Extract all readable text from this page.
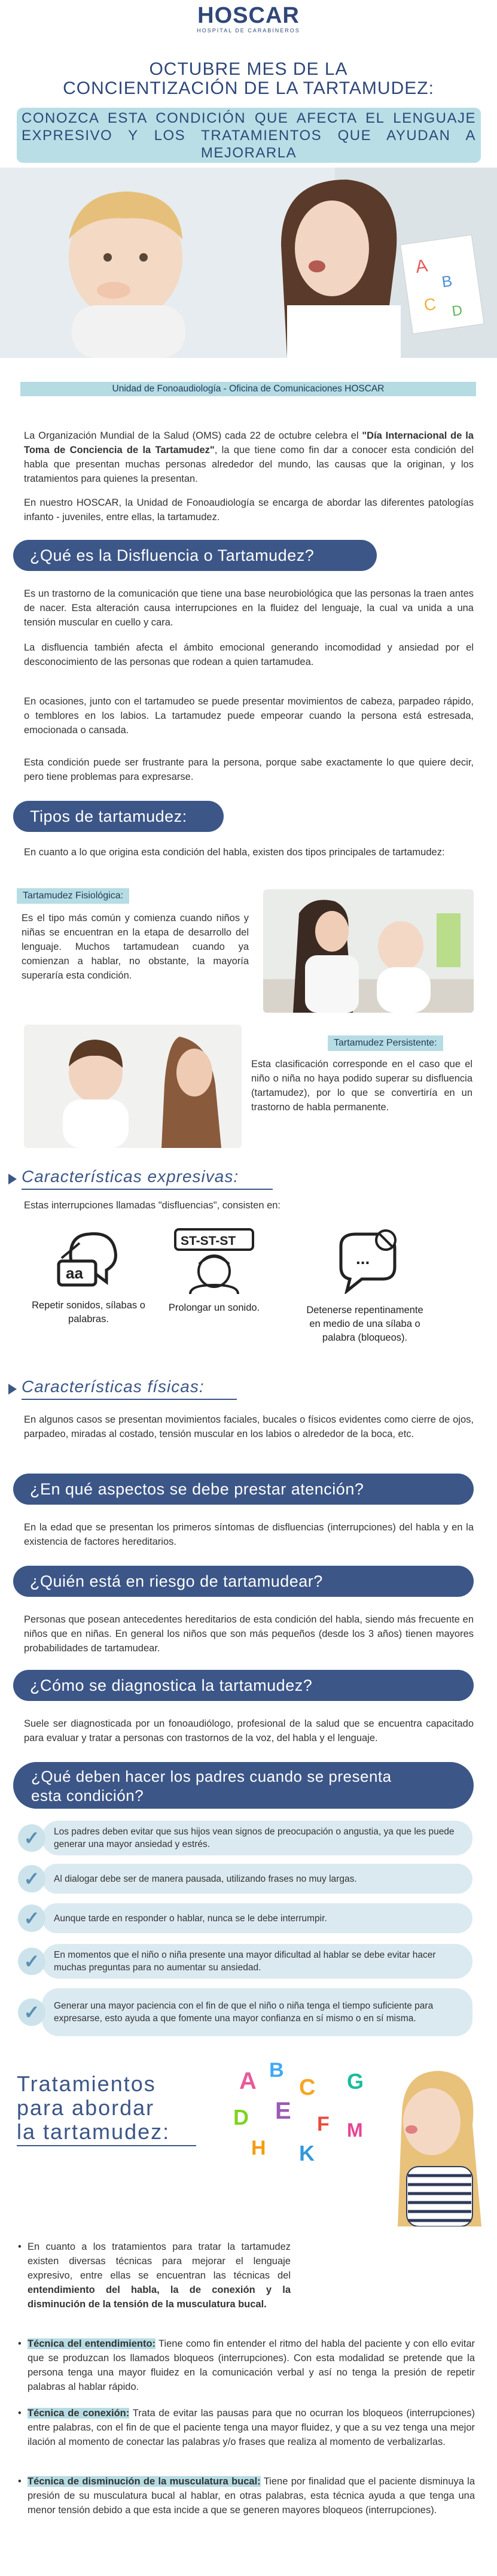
HOSCAR
HOSPITAL DE CARABINEROS
OCTUBRE MES DE LA
CONCIENTIZACIÓN DE LA TARTAMUDEZ:
CONOZCA ESTA CONDICIÓN QUE AFECTA EL LENGUAJE EXPRESIVO Y LOS TRATAMIENTOS QUE AYUDAN A MEJORARLA
A
B
C D
Unidad de Fonoaudiología - Oficina de Comunicaciones HOSCAR
La Organización Mundial de la Salud (OMS) cada 22 de octubre celebra el "Día Internacional de la Toma de Conciencia de la Tartamudez", la que tiene como fin dar a conocer esta condición del habla que presentan muchas personas alrededor del mundo, las causas que la originan, y los tratamientos para quienes la presentan.
En nuestro HOSCAR, la Unidad de Fonoaudiología se encarga de abordar las diferentes patologías infanto - juveniles, entre ellas, la tartamudez.
¿Qué es la Disfluencia o Tartamudez?
Es un trastorno de la comunicación que tiene una base neurobiológica que las personas la traen antes de nacer. Esta alteración causa interrupciones en la fluidez del lenguaje, la cual va unida a una tensión muscular en cuello y cara.
La disfluencia también afecta el ámbito emocional generando incomodidad y ansiedad por el desconocimiento de las personas que rodean a quien tartamudea.
En ocasiones, junto con el tartamudeo se puede presentar movimientos de cabeza, parpadeo rápido, o temblores en los labios. La tartamudez puede empeorar cuando la persona está estresada, emocionada o cansada.
Esta condición puede ser frustrante para la persona, porque sabe exactamente lo que quiere decir, pero tiene problemas para expresarse.
Tipos de tartamudez:
En cuanto a lo que origina esta condición del habla, existen dos tipos principales de tartamudez:
Tartamudez Fisiológica:
Es el tipo más común y comienza cuando niños y niñas se encuentran en la etapa de desarrollo del lenguaje. Muchos tartamudean cuando ya comienzan a hablar, no obstante, la mayoría superaría esta condición.
Tartamudez Persistente:
Esta clasificación corresponde en el caso que el niño o niña no haya podido superar su disfluencia (tartamudez), por lo que se convertiría en un trastorno de habla permanente.
Características expresivas:
Estas interrupciones llamadas "disfluencias", consisten en:
aa
Repetir sonidos, sílabas o palabras.
ST-ST-ST
Prolongar un sonido.
...
Detenerse repentinamente en medio de una sílaba o palabra (bloqueos).
Características físicas:
En algunos casos se presentan movimientos faciales, bucales o físicos evidentes como cierre de ojos, parpadeo, miradas al costado, tensión muscular en los labios o alrededor de la boca, etc.
¿En qué aspectos se debe prestar atención?
En la edad que se presentan los primeros síntomas de disfluencias (interrupciones) del habla y en la existencia de factores hereditarios.
¿Quién está en riesgo de tartamudear?
Personas que posean antecedentes hereditarios de esta condición del habla, siendo más frecuente en niños que en niñas. En general los niños que son más pequeños (desde los 3 años) tienen mayores probabilidades de tartamudear.
¿Cómo se diagnostica la tartamudez?
Suele ser diagnosticada por un fonoaudiólogo, profesional de la salud que se encuentra capacitado para evaluar y tratar a personas con trastornos de la voz, del habla y el lenguaje.
¿Qué deben hacer los padres cuando se presenta
esta condición?
✓	Los padres deben evitar que sus hijos vean signos de preocupación o angustia, ya que les puede generar una mayor ansiedad y estrés.
✓	Al dialogar debe ser de manera pausada, utilizando frases no muy largas.
✓	Aunque tarde en responder o hablar, nunca se le debe interrumpir.
✓	En momentos que el niño o niña presente una mayor dificultad al hablar se debe evitar hacer muchas preguntas para no aumentar su ansiedad.
✓	Generar una mayor paciencia con el fin de que el niño o niña tenga el tiempo suficiente para expresarse, esto ayuda a que fomente una mayor confianza en sí mismo o en sí misma.
Tratamientos
para abordar
la tartamudez:
A B
C
D E F
G
H K
M
• En cuanto a los tratamientos para tratar la tartamudez existen diversas técnicas para mejorar el lenguaje expresivo, entre ellas se encuentran las técnicas del entendimiento del habla, la de conexión y la disminución de la tensión de la musculatura bucal.
• Técnica del entendimiento: Tiene como fin entender el ritmo del habla del paciente y con ello evitar que se produzcan los llamados bloqueos (interrupciones). Con esta modalidad se pretende que la persona tenga una mayor fluidez en la comunicación verbal y así no tenga la presión de repetir palabras al hablar rápido.
• Técnica de conexión: Trata de evitar las pausas para que no ocurran los bloqueos (interrupciones) entre palabras, con el fin de que el paciente tenga una mayor fluidez, y que a su vez tenga una mejor ilación al momento de conectar las palabras y/o frases que realiza al momento de verbalizarlas.
• Técnica de disminución de la musculatura bucal: Tiene por finalidad que el paciente disminuya la presión de su musculatura bucal al hablar, en otras palabras, esta técnica ayuda a que tenga una menor tensión debido a que esta incide a que se generen mayores bloqueos (interrupciones).
